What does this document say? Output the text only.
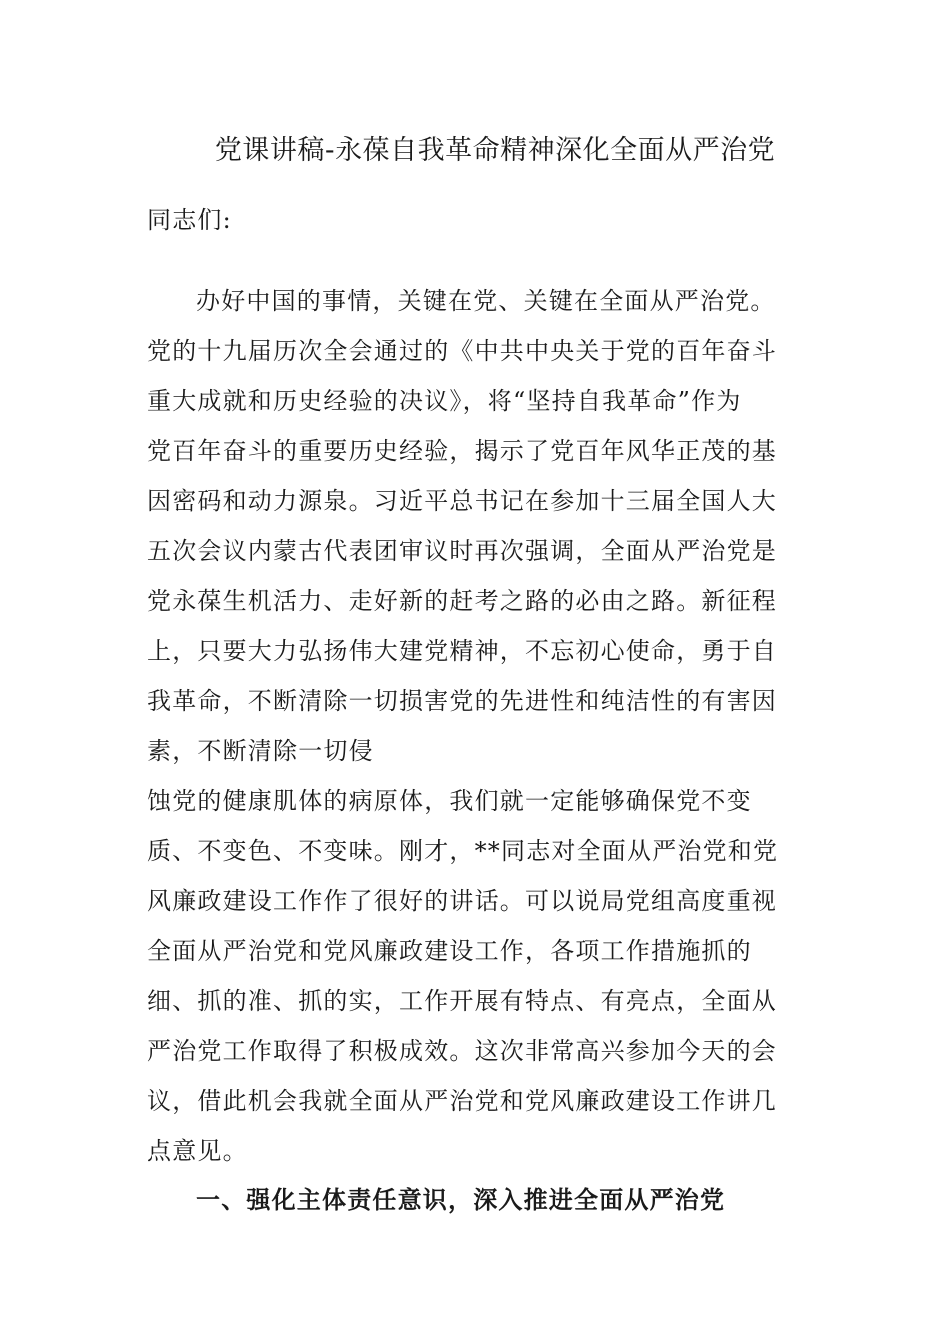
党课讲稿-永葆自我革命精神深化全面从严治党
同志们:
办好中国的事情，关键在党、关键在全面从严治党。
党的十九届历次全会通过的《中共中央关于党的百年奋斗
重大成就和历史经验的决议》，将“坚持自我革命”作为
党百年奋斗的重要历史经验，揭示了党百年风华正茂的基
因密码和动力源泉。习近平总书记在参加十三届全国人大
五次会议内蒙古代表团审议时再次强调，全面从严治党是
党永葆生机活力、走好新的赶考之路的必由之路。新征程
上，只要大力弘扬伟大建党精神，不忘初心使命，勇于自
我革命，不断清除一切损害党的先进性和纯洁性的有害因
素，不断清除一切侵
蚀党的健康肌体的病原体，我们就一定能够确保党不变
质、不变色、不变味。刚才，**同志对全面从严治党和党
风廉政建设工作作了很好的讲话。可以说局党组高度重视
全面从严治党和党风廉政建设工作，各项工作措施抓的
细、抓的准、抓的实，工作开展有特点、有亮点，全面从
严治党工作取得了积极成效。这次非常高兴参加今天的会
议，借此机会我就全面从严治党和党风廉政建设工作讲几
点意见。
一、强化主体责任意识，深入推进全面从严治党
